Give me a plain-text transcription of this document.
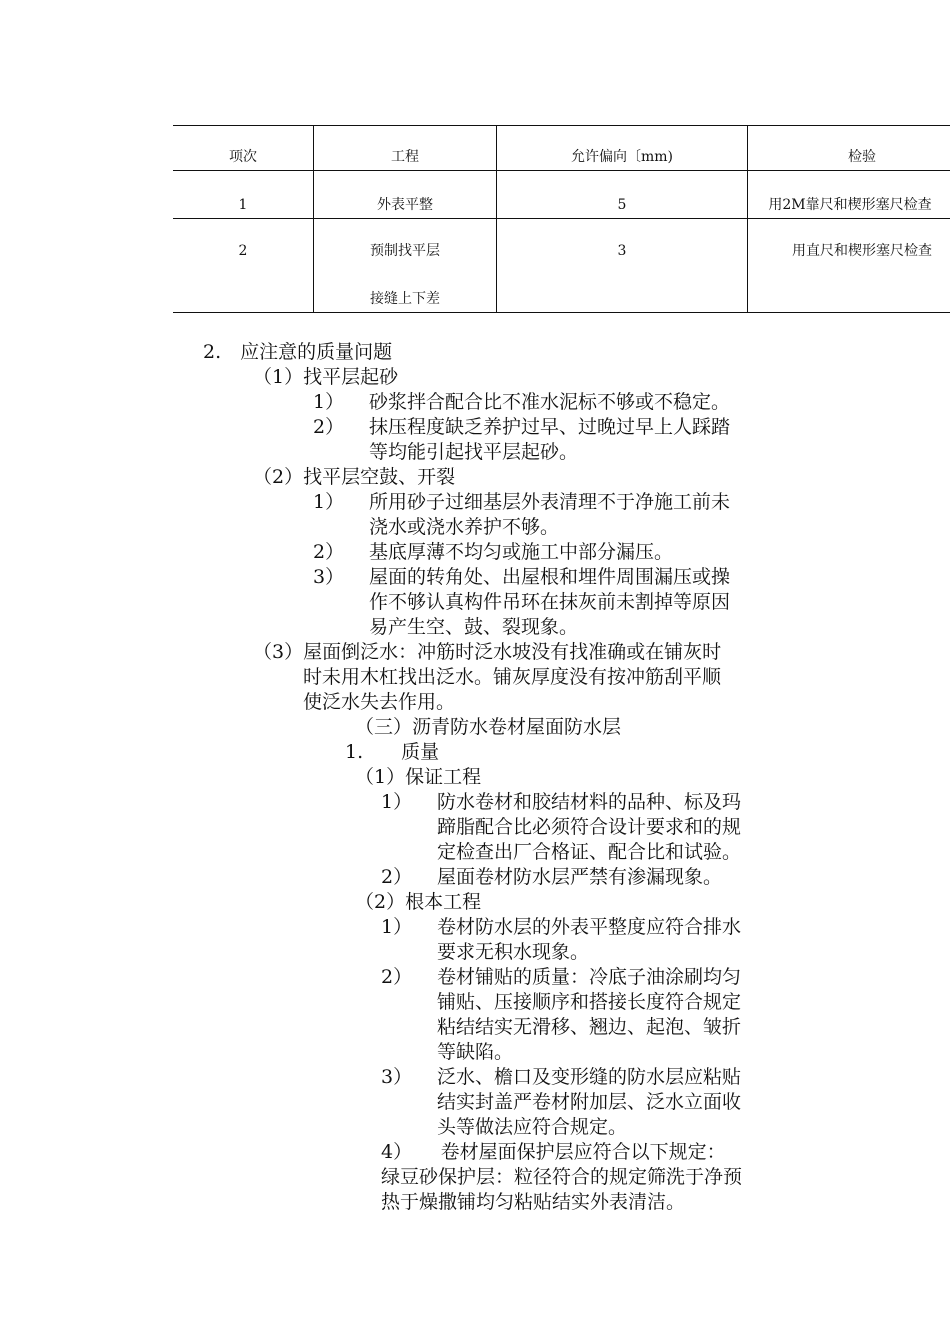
项次	工程	允许偏向〔mm)	检验
1	外表平整	5	用2M靠尺和楔形塞尺检查
2	预制找平层	3	用直尺和楔形塞尺检查
接缝上下差
2.　应注意的质量问题
（1）找平层起砂
1） 砂浆拌合配合比不准水泥标不够或不稳定。
2） 抹压程度缺乏养护过早、过晚过早上人踩踏
等均能引起找平层起砂。
（2）找平层空鼓、开裂
1） 所用砂子过细基层外表清理不于净施工前未
浇水或浇水养护不够。
2） 基底厚薄不均匀或施工中部分漏压。
3） 屋面的转角处、出屋根和埋件周围漏压或操
作不够认真构件吊环在抹灰前未割掉等原因
易产生空、鼓、裂现象。
（3）屋面倒泛水：冲筋时泛水坡没有找准确或在铺灰时
时未用木杠找出泛水。铺灰厚度没有按冲筋刮平顺
使泛水失去作用。
（三）沥青防水卷材屋面防水层
1.　　质量
（1）保证工程
1） 防水卷材和胶结材料的品种、标及玛
蹄脂配合比必须符合设计要求和的规
定检查出厂合格证、配合比和试验。
2） 屋面卷材防水层严禁有渗漏现象。
（2）根本工程
1） 卷材防水层的外表平整度应符合排水
要求无积水现象。
2） 卷材铺贴的质量：冷底子油涂刷均匀
铺贴、压接顺序和搭接长度符合规定
粘结结实无滑移、翘边、起泡、皱折
等缺陷。
3） 泛水、檐口及变形缝的防水层应粘贴
结实封盖严卷材附加层、泛水立面收
头等做法应符合规定。
4）　　卷材屋面保护层应符合以下规定：
绿豆砂保护层：粒径符合的规定筛洗于净预
热于燥撒铺均匀粘贴结实外表清洁。
